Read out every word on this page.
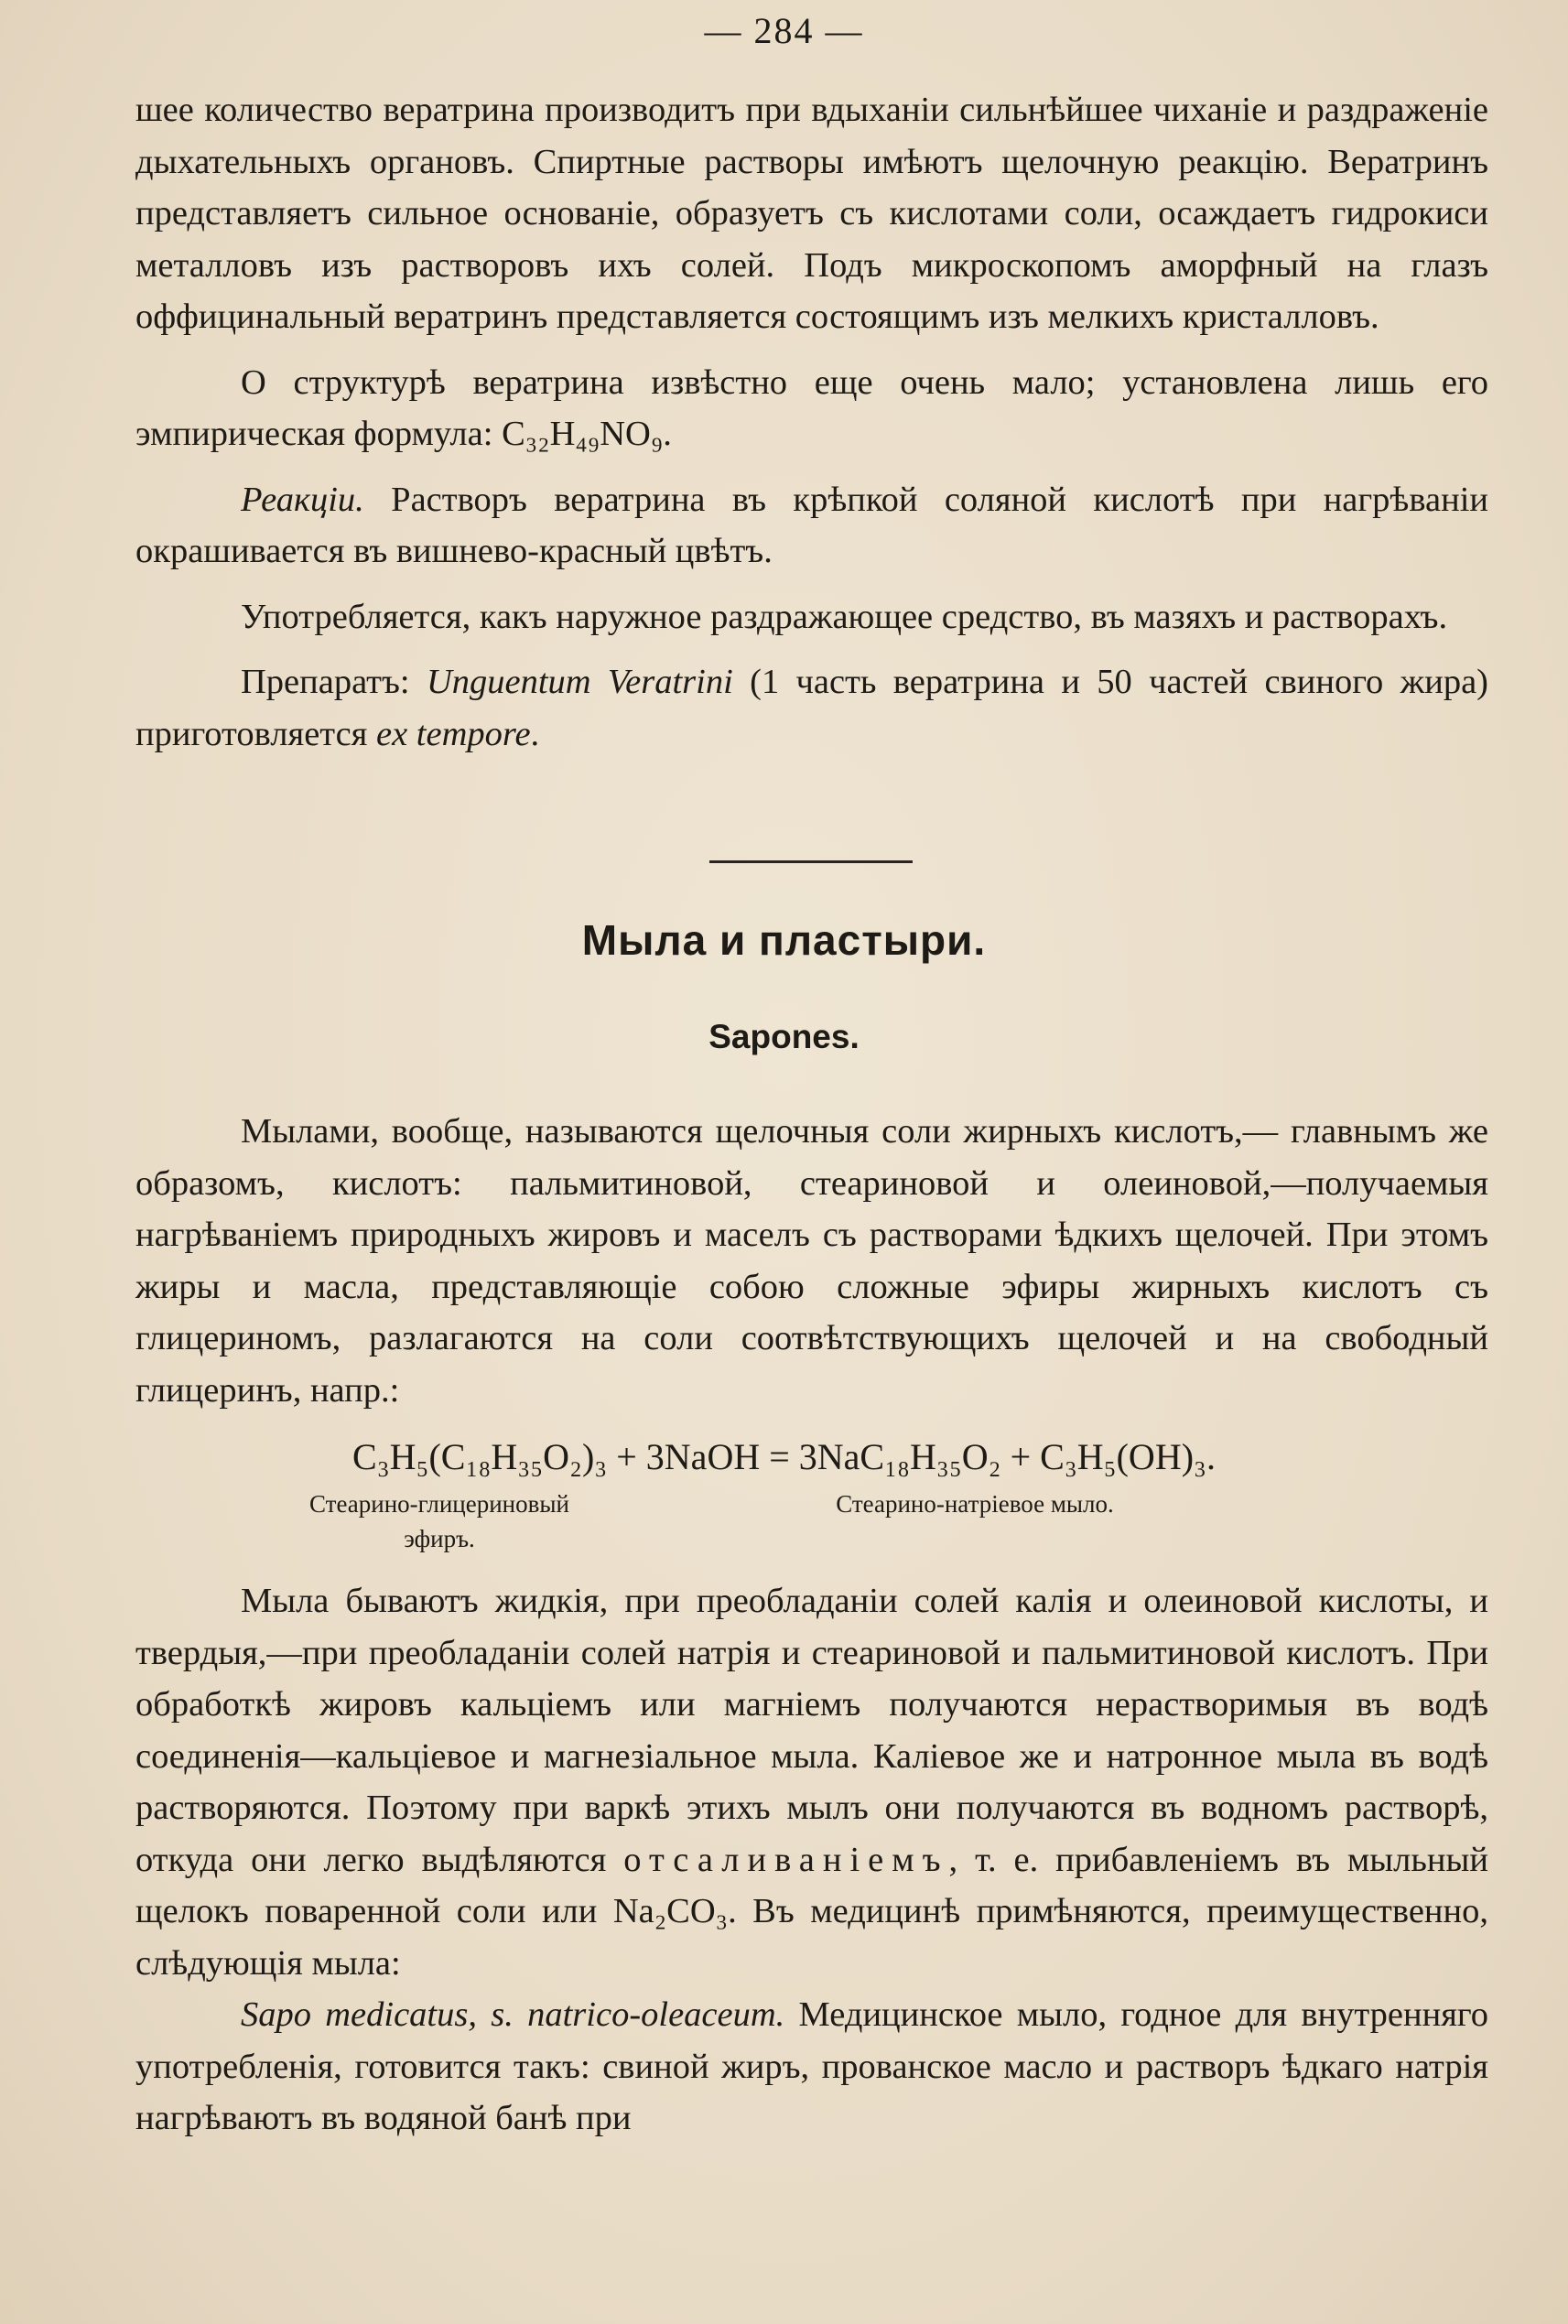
— 284 —

шее количество вератрина производитъ при вдыханіи сильнѣйшее чиханіе и раздраженіе дыхательныхъ органовъ. Спиртные растворы имѣютъ щелочную реакцію. Вератринъ представляетъ сильное основаніе, образуетъ съ кислотами соли, осаждаетъ гидрокиси металловъ изъ растворовъ ихъ солей. Подъ микроскопомъ аморфный на глазъ оффицинальный вератринъ представляется состоящимъ изъ мелкихъ кристалловъ.

О структурѣ вератрина извѣстно еще очень мало; установлена лишь его эмпирическая формула: C₃₂H₄₉NO₉.

Реакціи. Растворъ вератрина въ крѣпкой соляной кислотѣ при нагрѣваніи окрашивается въ вишнево-красный цвѣтъ.

Употребляется, какъ наружное раздражающее средство, въ мазяхъ и растворахъ.

Препаратъ: Unguentum Veratrini (1 часть вератрина и 50 частей свиного жира) приготовляется ex tempore.

Мыла и пластыри.
Sapones.

Мылами, вообще, называются щелочныя соли жирныхъ кислотъ,— главнымъ же образомъ, кислотъ: пальмитиновой, стеариновой и олеиновой,—получаемыя нагрѣваніемъ природныхъ жировъ и маселъ съ растворами ѣдкихъ щелочей. При этомъ жиры и масла, представляющіе собою сложные эфиры жирныхъ кислотъ съ глицериномъ, разлагаются на соли соотвѣтствующихъ щелочей и на свободный глицеринъ, напр.:

C₃H₅(C₁₈H₃₅O₂)₃ + 3NaOH = 3NaC₁₈H₃₅O₂ + C₃H₅(OH)₃.
Стеарино-глицериновый эфиръ.
Стеарино-натріевое мыло.

Мыла бываютъ жидкія, при преобладаніи солей калія и олеиновой кислоты, и твердыя,—при преобладаніи солей натрія и стеариновой и пальмитиновой кислотъ. При обработкѣ жировъ кальціемъ или магніемъ получаются нерастворимыя въ водѣ соединенія—кальціевое и магнезіальное мыла. Каліевое же и натронное мыла въ водѣ растворяются. Поэтому при варкѣ этихъ мылъ они получаются въ водномъ растворѣ, откуда они легко выдѣляются отсаливаніемъ, т. е. прибавленіемъ въ мыльный щелокъ поваренной соли или Na₂CO₃. Въ медицинѣ примѣняются, преимущественно, слѣдующія мыла:

Sapo medicatus, s. natrico-oleaceum. Медицинское мыло, годное для внутренняго употребленія, готовится такъ: свиной жиръ, прованское масло и растворъ ѣдкаго натрія нагрѣваютъ въ водяной банѣ при
